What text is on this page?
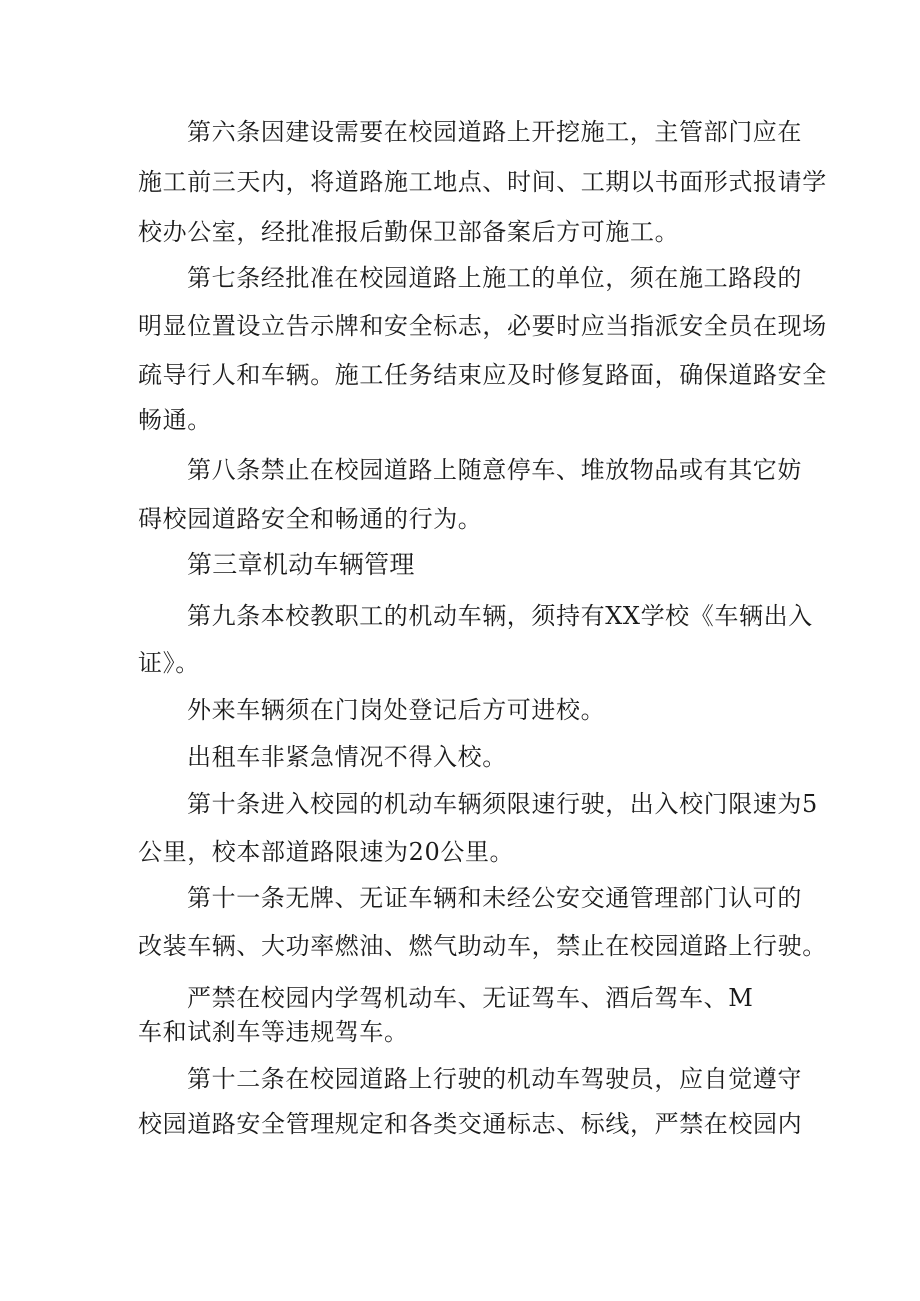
第六条因建设需要在校园道路上开挖施工，主管部门应在
施工前三天内，将道路施工地点、时间、工期以书面形式报请学
校办公室，经批准报后勤保卫部备案后方可施工。
第七条经批准在校园道路上施工的单位，须在施工路段的
明显位置设立告示牌和安全标志，必要时应当指派安全员在现场
疏导行人和车辆。施工任务结束应及时修复路面，确保道路安全
畅通。
第八条禁止在校园道路上随意停车、堆放物品或有其它妨
碍校园道路安全和畅通的行为。
第三章机动车辆管理
第九条本校教职工的机动车辆，须持有XX学校《车辆出入
证》。
外来车辆须在门岗处登记后方可进校。
出租车非紧急情况不得入校。
第十条进入校园的机动车辆须限速行驶，出入校门限速为5
公里，校本部道路限速为20公里。
第十一条无牌、无证车辆和未经公安交通管理部门认可的
改装车辆、大功率燃油、燃气助动车，禁止在校园道路上行驶。
严禁在校园内学驾机动车、无证驾车、酒后驾车、M
车和试刹车等违规驾车。
第十二条在校园道路上行驶的机动车驾驶员，应自觉遵守
校园道路安全管理规定和各类交通标志、标线，严禁在校园内
